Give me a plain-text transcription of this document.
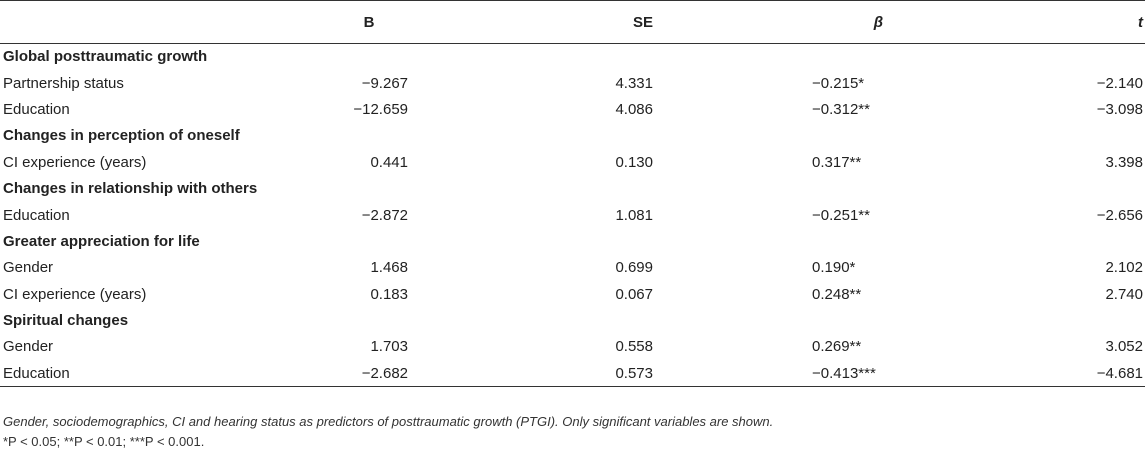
	B	SE	β	t
Global posttraumatic growth				
Partnership status	−9.267	4.331	−0.215*	−2.140
Education	−12.659	4.086	−0.312**	−3.098
Changes in perception of oneself				
CI experience (years)	0.441	0.130	0.317**	3.398
Changes in relationship with others				
Education	−2.872	1.081	−0.251**	−2.656
Greater appreciation for life				
Gender	1.468	0.699	0.190*	2.102
CI experience (years)	0.183	0.067	0.248**	2.740
Spiritual changes				
Gender	1.703	0.558	0.269**	3.052
Education	−2.682	0.573	−0.413***	−4.681
Gender, sociodemographics, CI and hearing status as predictors of posttraumatic growth (PTGI). Only significant variables are shown.
*P < 0.05; **P < 0.01; ***P < 0.001.
